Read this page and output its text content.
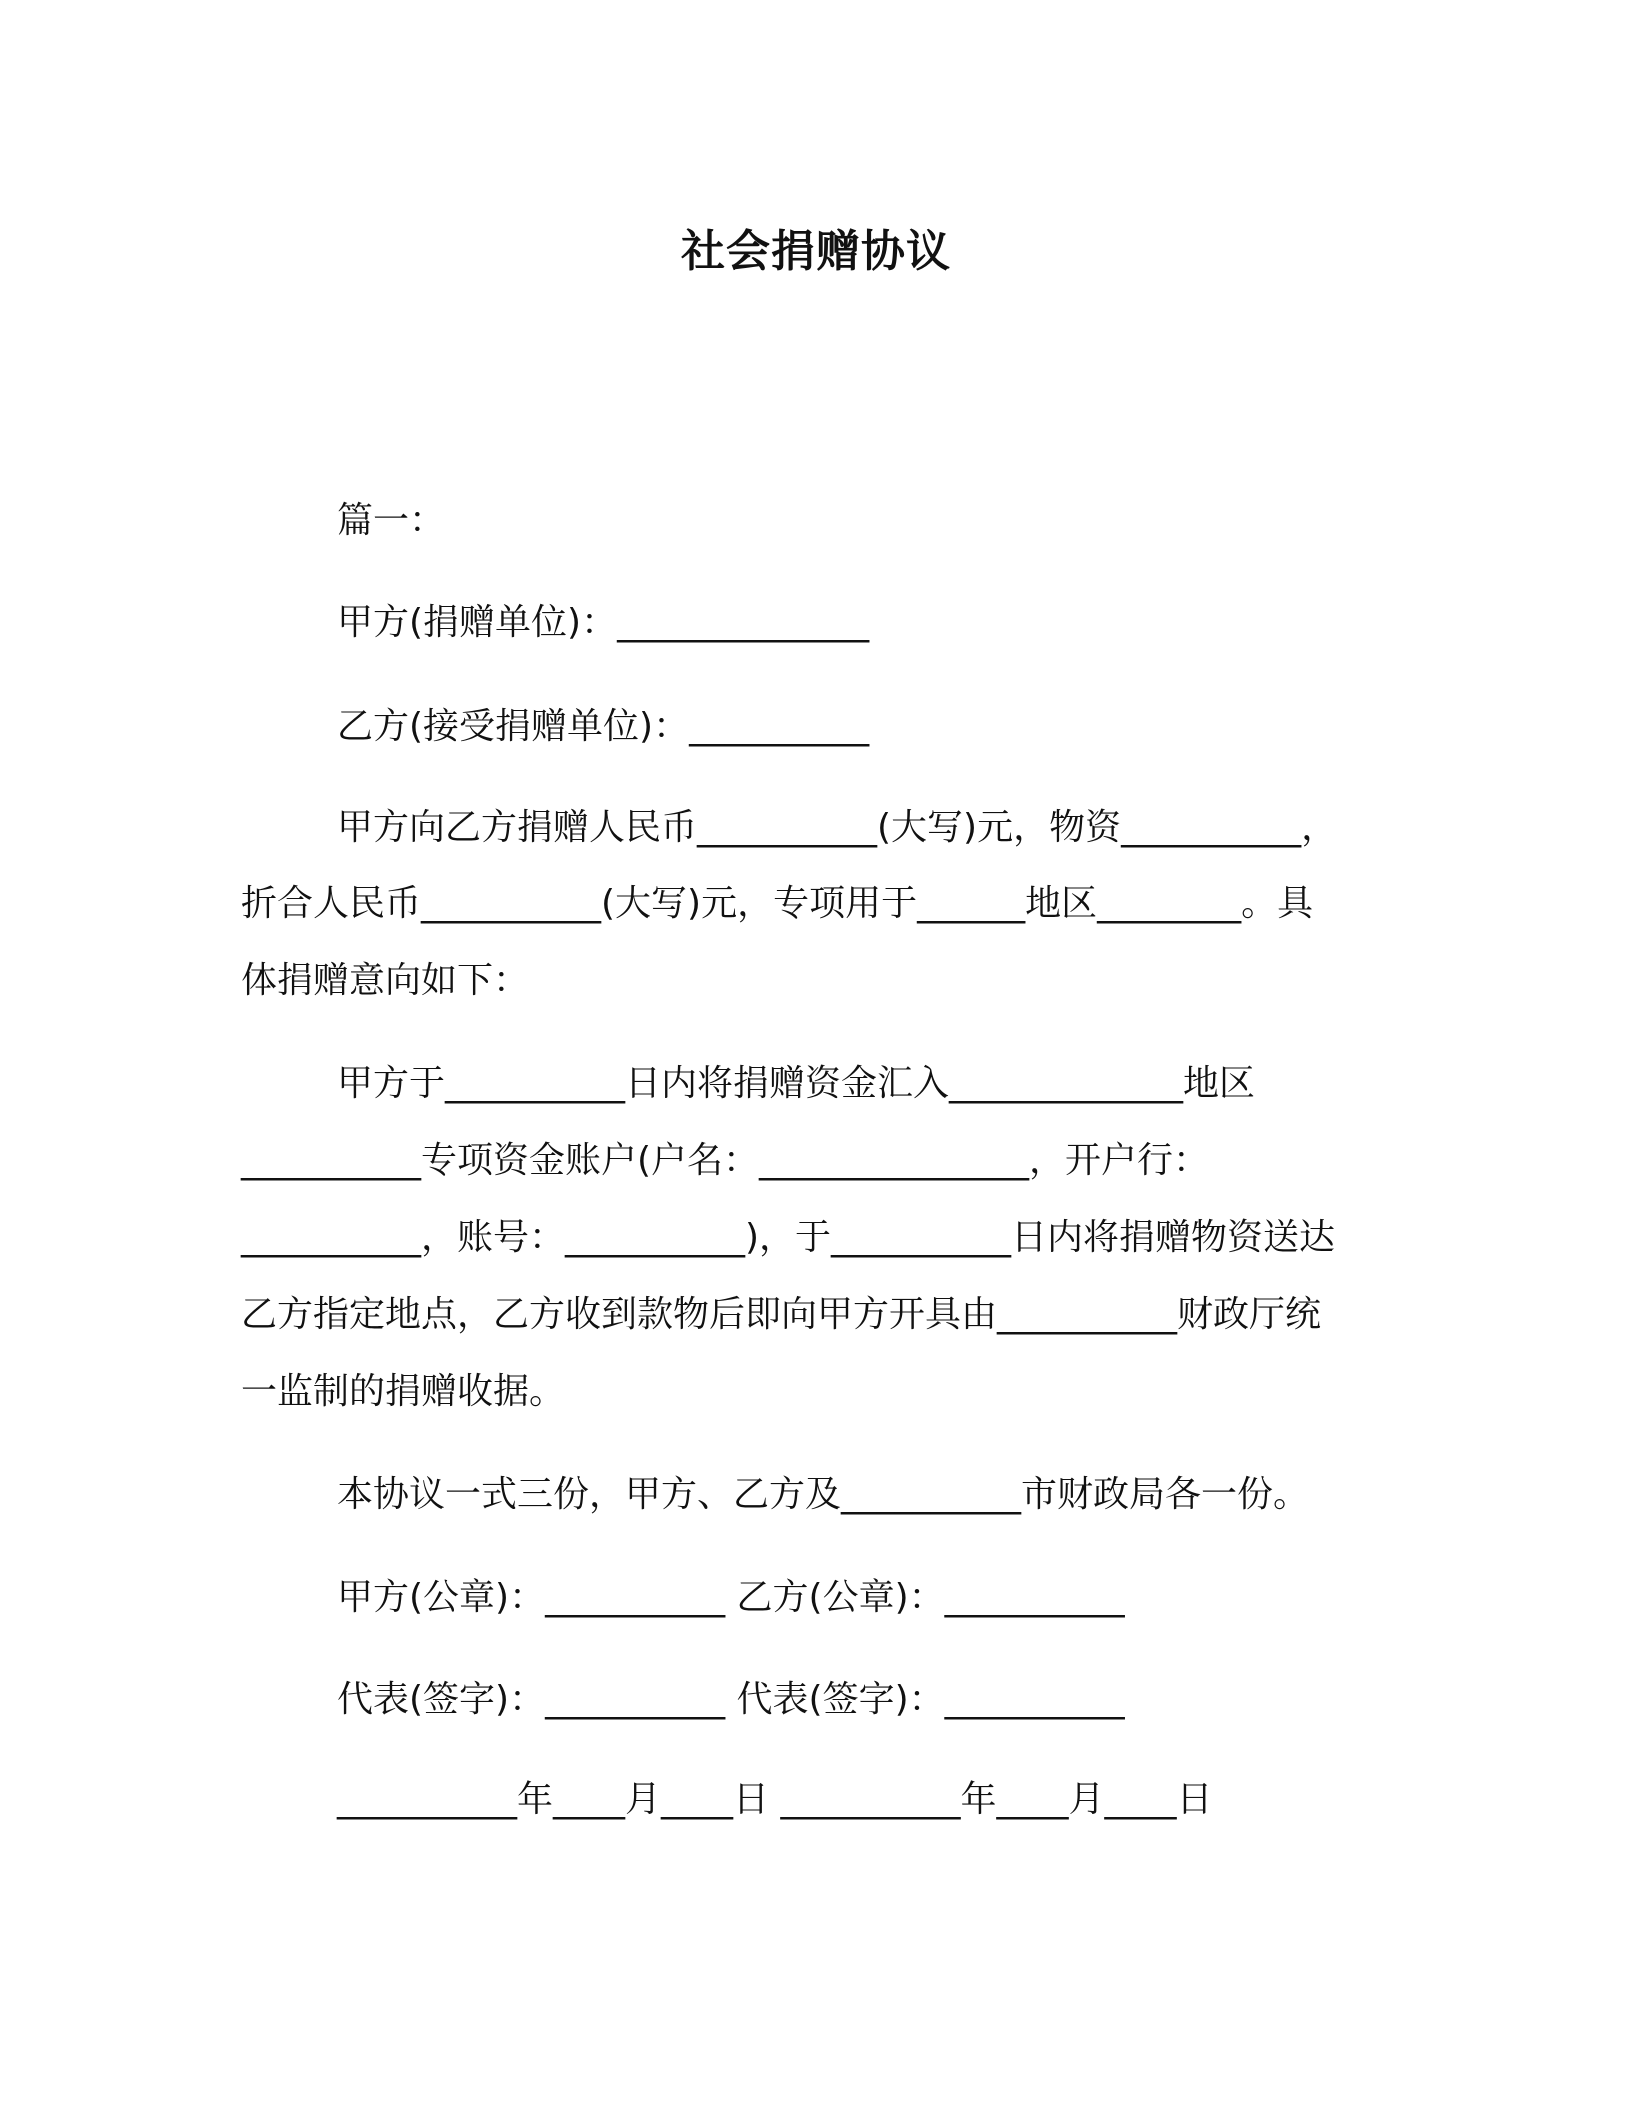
社会捐赠协议
篇一：
甲方(捐赠单位)：______________
乙方(接受捐赠单位)：__________
甲方向乙方捐赠人民币__________(大写)元，物资__________，
折合人民币__________(大写)元，专项用于______地区________。具
体捐赠意向如下：
甲方于__________日内将捐赠资金汇入_____________地区
__________专项资金账户(户名：_______________，开户行：
__________，账号：__________)，于__________日内将捐赠物资送达
乙方指定地点，乙方收到款物后即向甲方开具由__________财政厅统
一监制的捐赠收据。
本协议一式三份，甲方、乙方及__________市财政局各一份。
甲方(公章)：__________ 乙方(公章)：__________
代表(签字)：__________ 代表(签字)：__________
__________年____月____日 __________年____月____日
